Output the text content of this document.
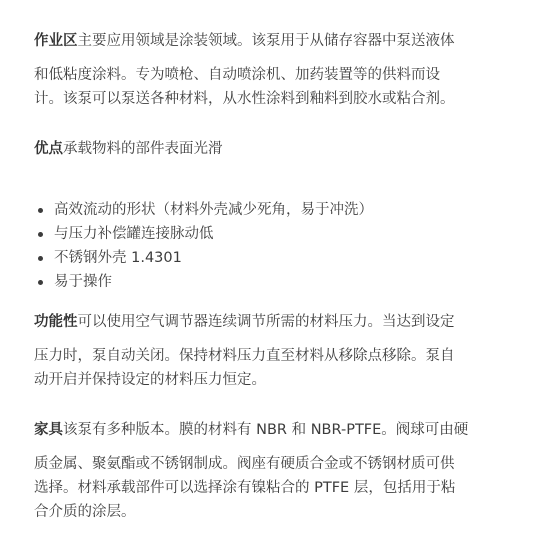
作业区主要应用领域是涂装领域。该泵用于从储存容器中泵送液体
和低粘度涂料。专为喷枪、自动喷涂机、加药装置等的供料而设
计。该泵可以泵送各种材料，从水性涂料到釉料到胶水或粘合剂。

优点承载物料的部件表面光滑

高效流动的形状（材料外壳减少死角，易于冲洗）
与压力补偿罐连接脉动低
不锈钢外壳 1.4301
易于操作

功能性可以使用空气调节器连续调节所需的材料压力。当达到设定
压力时，泵自动关闭。保持材料压力直至材料从移除点移除。泵自
动开启并保持设定的材料压力恒定。

家具该泵有多种版本。膜的材料有 NBR 和 NBR-PTFE。阀球可由硬
质金属、聚氨酯或不锈钢制成。阀座有硬质合金或不锈钢材质可供
选择。材料承载部件可以选择涂有镍粘合的 PTFE 层，包括用于粘
合介质的涂层。
